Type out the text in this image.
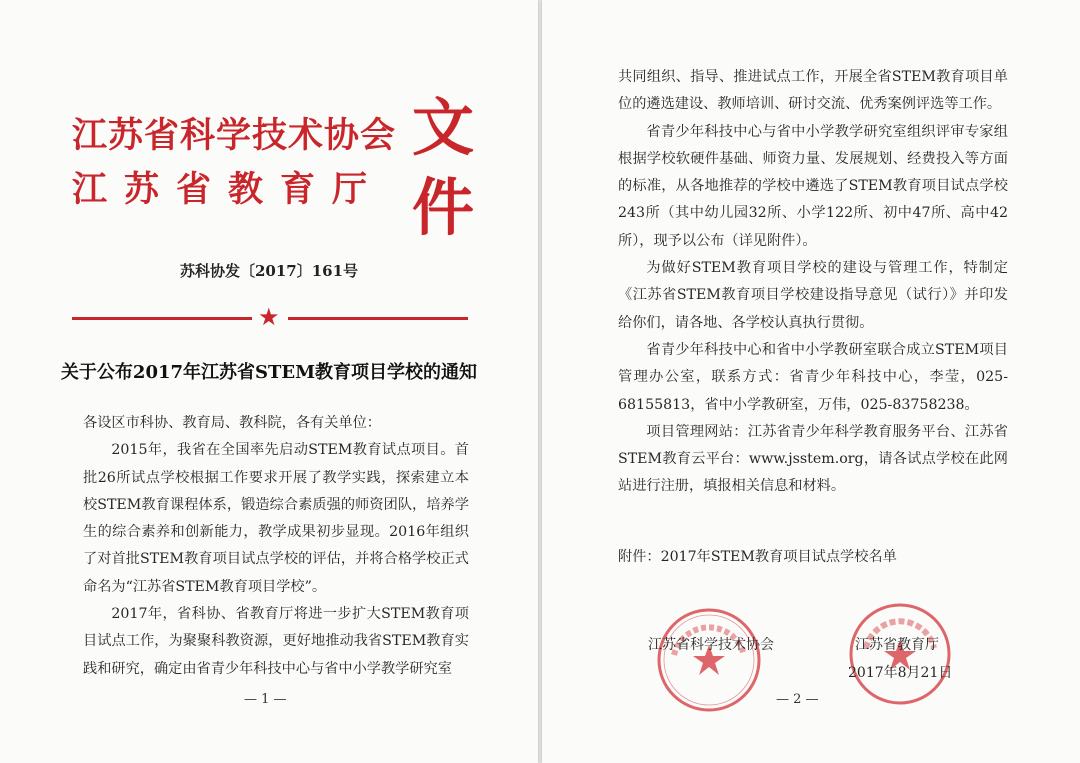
江苏省科学技术协会
江苏省教育厅
文
件
苏科协发〔2017〕161号
★
关于公布2017年江苏省STEM教育项目学校的通知

各设区市科协、教育局、教科院，各有关单位：

2015年，我省在全国率先启动STEM教育试点项目。首批26所试点学校根据工作要求开展了教学实践，探索建立本校STEM教育课程体系，锻造综合素质强的师资团队，培养学生的综合素养和创新能力，教学成果初步显现。2016年组织了对首批STEM教育项目试点学校的评估，并将合格学校正式命名为“江苏省STEM教育项目学校”。

2017年，省科协、省教育厅将进一步扩大STEM教育项目试点工作，为聚聚科教资源，更好地推动我省STEM教育实践和研究，确定由省青少年科技中心与省中小学教学研究室

— 1 —

共同组织、指导、推进试点工作，开展全省STEM教育项目单位的遴选建设、教师培训、研讨交流、优秀案例评选等工作。

省青少年科技中心与省中小学教学研究室组织评审专家组根据学校软硬件基础、师资力量、发展规划、经费投入等方面的标准，从各地推荐的学校中遴选了STEM教育项目试点学校243所（其中幼儿园32所、小学122所、初中47所、高中42所），现予以公布（详见附件）。

为做好STEM教育项目学校的建设与管理工作，特制定《江苏省STEM教育项目学校建设指导意见（试行）》并印发给你们，请各地、各学校认真执行贯彻。

省青少年科技中心和省中小学教研室联合成立STEM项目管理办公室，联系方式：省青少年科技中心，李莹，025-68155813，省中小学教研室，万伟，025-83758238。

项目管理网站：江苏省青少年科学教育服务平台、江苏省STEM教育云平台：www.jsstem.org，请各试点学校在此网站进行注册，填报相关信息和材料。

附件：2017年STEM教育项目试点学校名单
江苏省科学技术协会	江苏省教育厅
2017年8月21日
— 2 —
